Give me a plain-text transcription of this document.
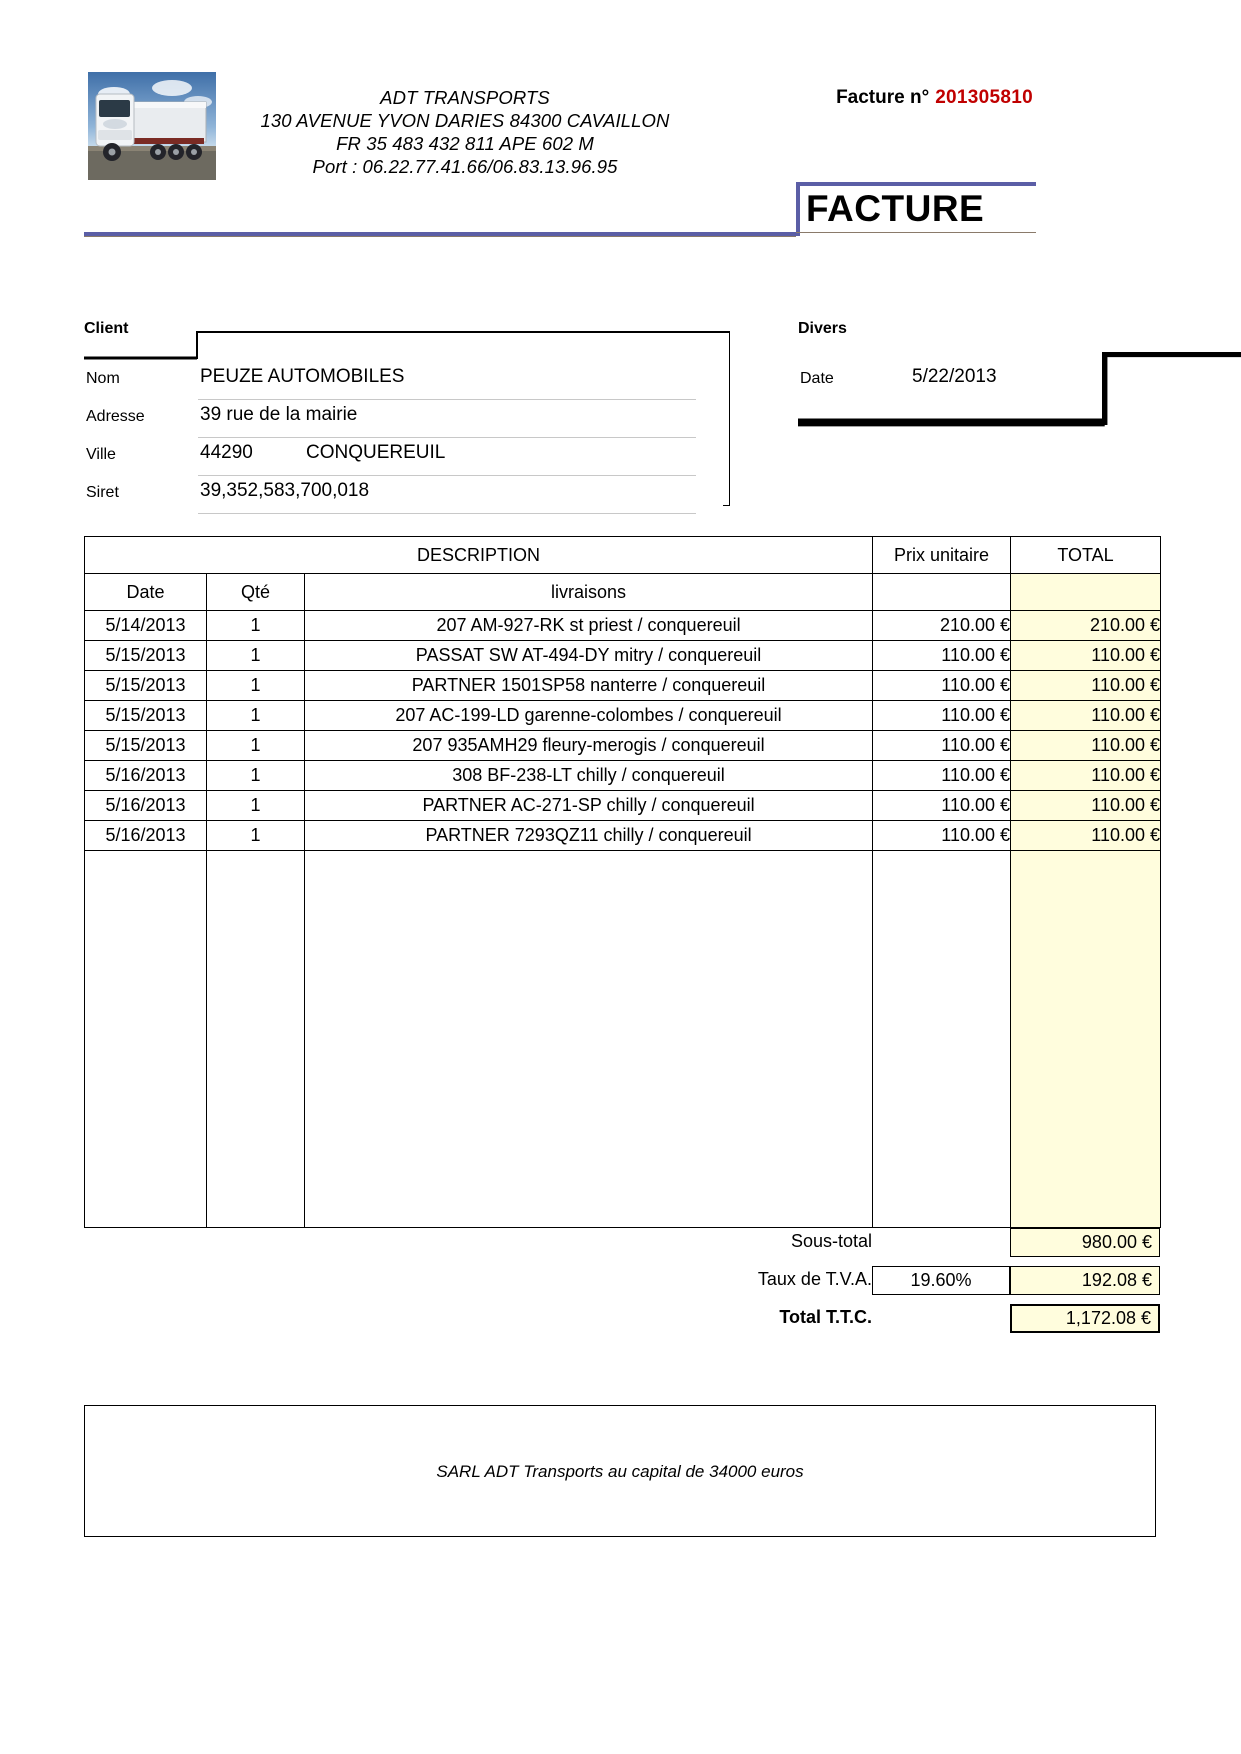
ADT TRANSPORTS
130 AVENUE YVON DARIES 84300 CAVAILLON
FR 35 483 432 811 APE 602 M
Port : 06.22.77.41.66/06.83.13.96.95
Facture n° 201305810
FACTURE
Client
Nom	PEUZE AUTOMOBILES
Adresse	39 rue de la mairie
Ville	44290	CONQUEREUIL
Siret	39,352,583,700,018
Divers
Date	5/22/2013
DESCRIPTION			Prix unitaire	TOTAL
Date	Qté	livraisons		
5/14/2013	1	207 AM-927-RK st priest / conquereuil	210.00 €	210.00 €
5/15/2013	1	PASSAT SW AT-494-DY mitry / conquereuil	110.00 €	110.00 €
5/15/2013	1	PARTNER 1501SP58 nanterre / conquereuil	110.00 €	110.00 €
5/15/2013	1	207 AC-199-LD garenne-colombes / conquereuil	110.00 €	110.00 €
5/15/2013	1	207 935AMH29 fleury-merogis / conquereuil	110.00 €	110.00 €
5/16/2013	1	308 BF-238-LT chilly / conquereuil	110.00 €	110.00 €
5/16/2013	1	PARTNER AC-271-SP chilly / conquereuil	110.00 €	110.00 €
5/16/2013	1	PARTNER 7293QZ11 chilly / conquereuil	110.00 €	110.00 €

Sous-total	980.00 €
Taux de T.V.A.	19.60%	192.08 €
Total T.T.C.	1,172.08 €
SARL ADT Transports au capital de 34000 euros
